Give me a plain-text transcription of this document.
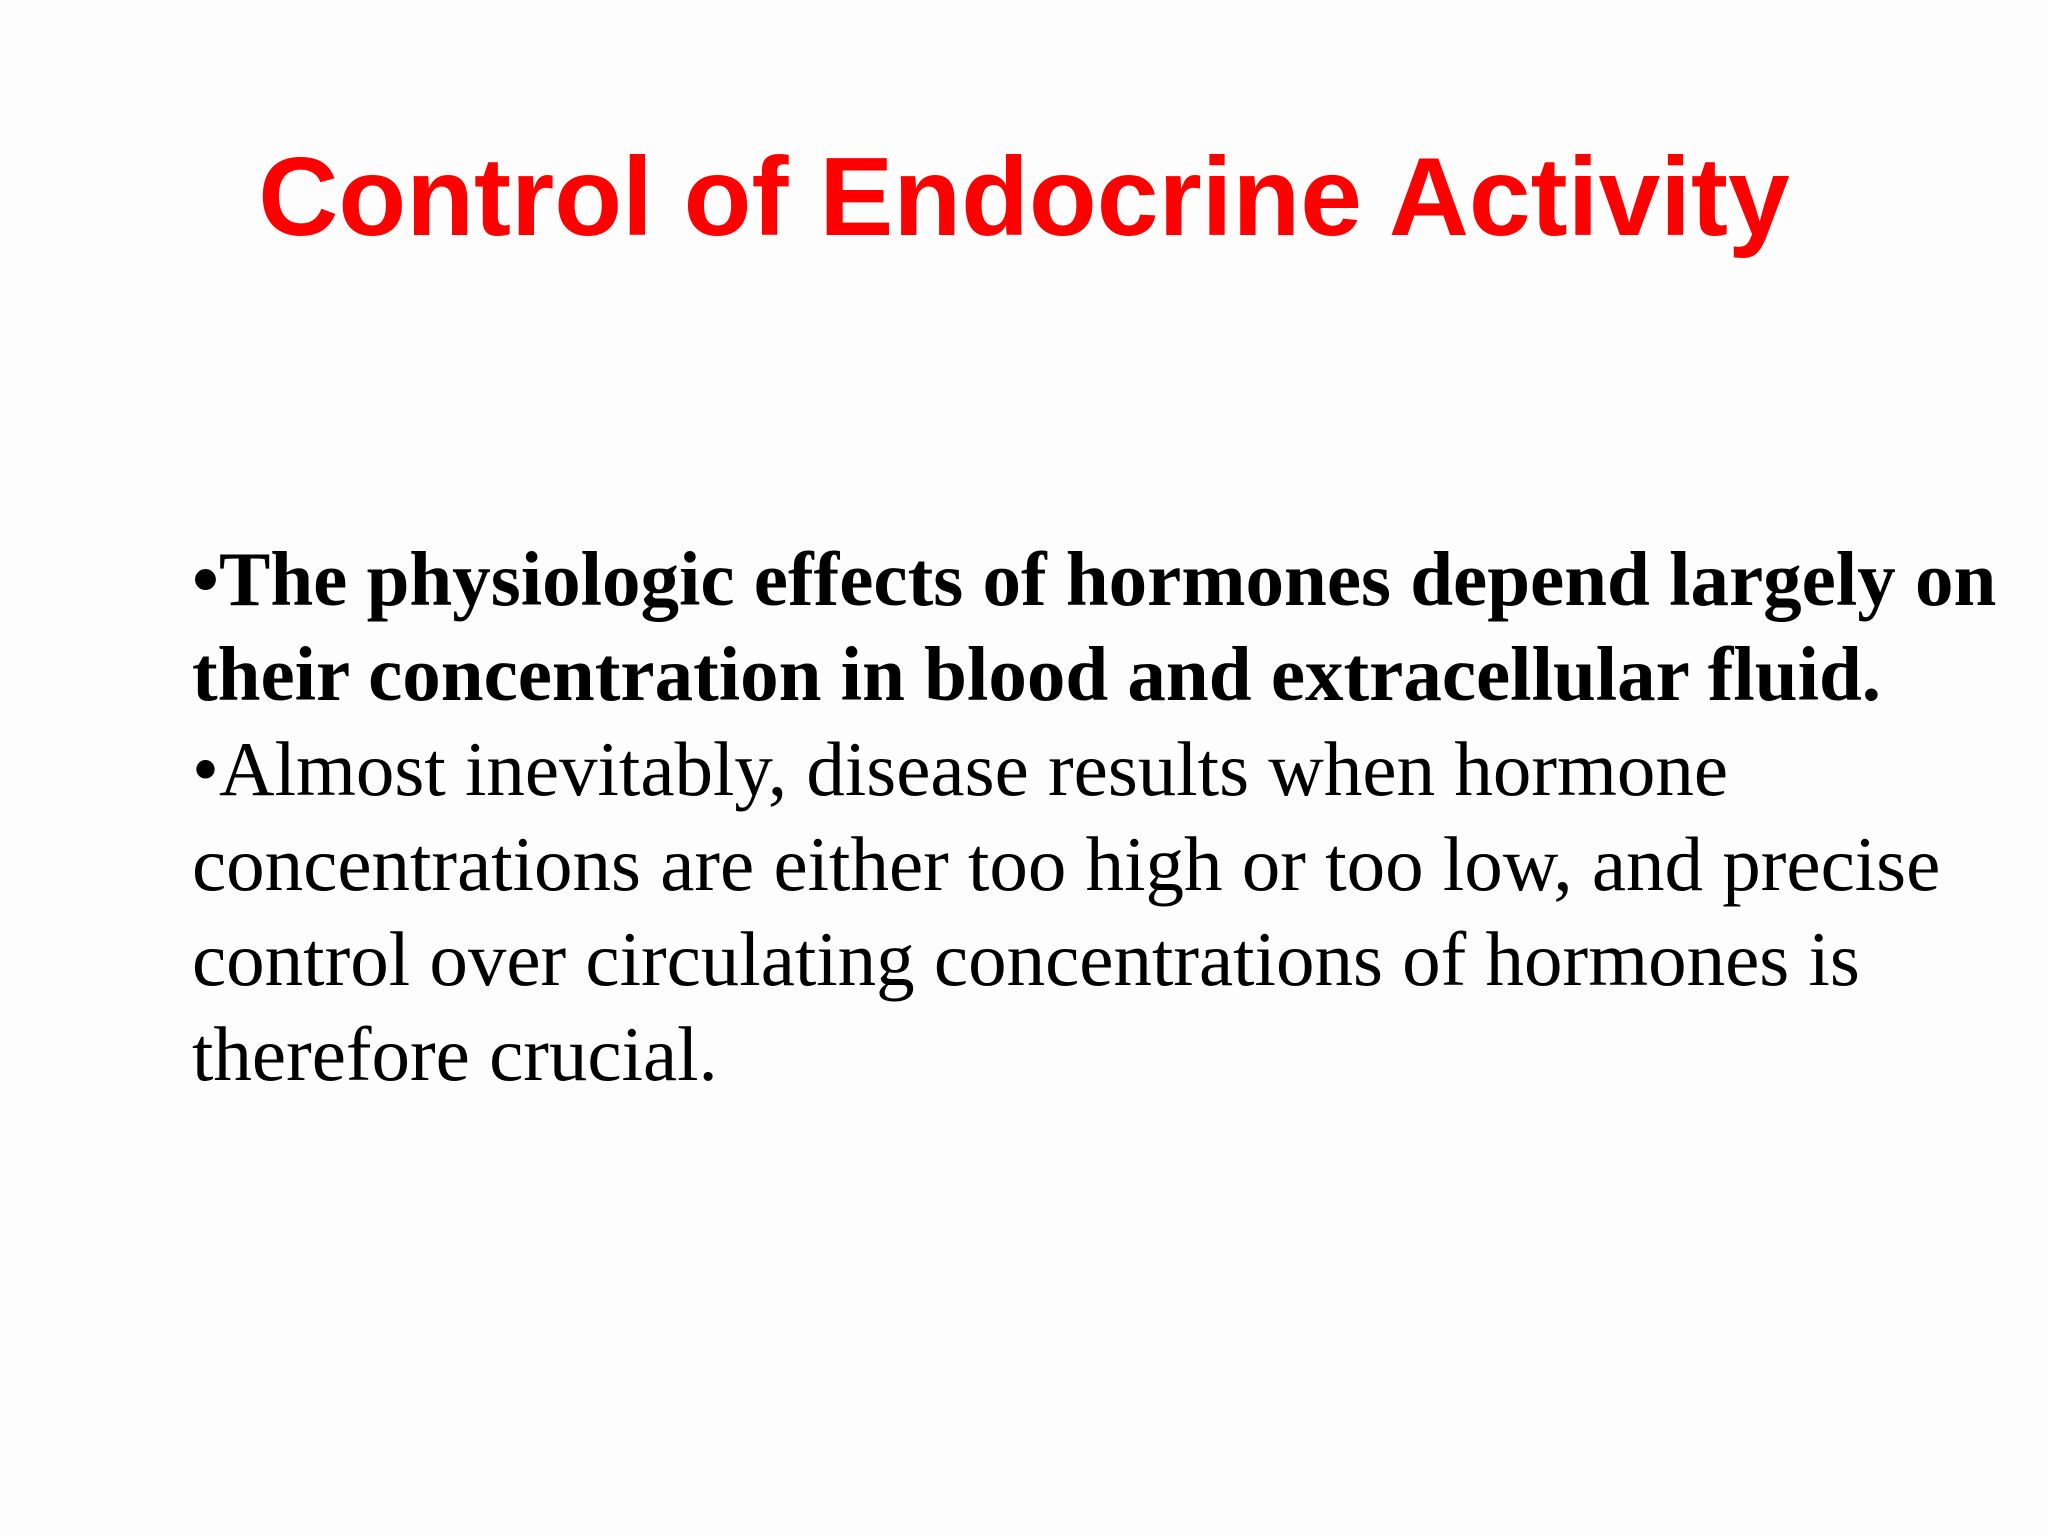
Control of Endocrine Activity

•The physiologic effects of hormones depend largely on their concentration in blood and extracellular fluid.

•Almost inevitably, disease results when hormone concentrations are either too high or too low, and precise control over circulating concentrations of hormones is therefore crucial.
